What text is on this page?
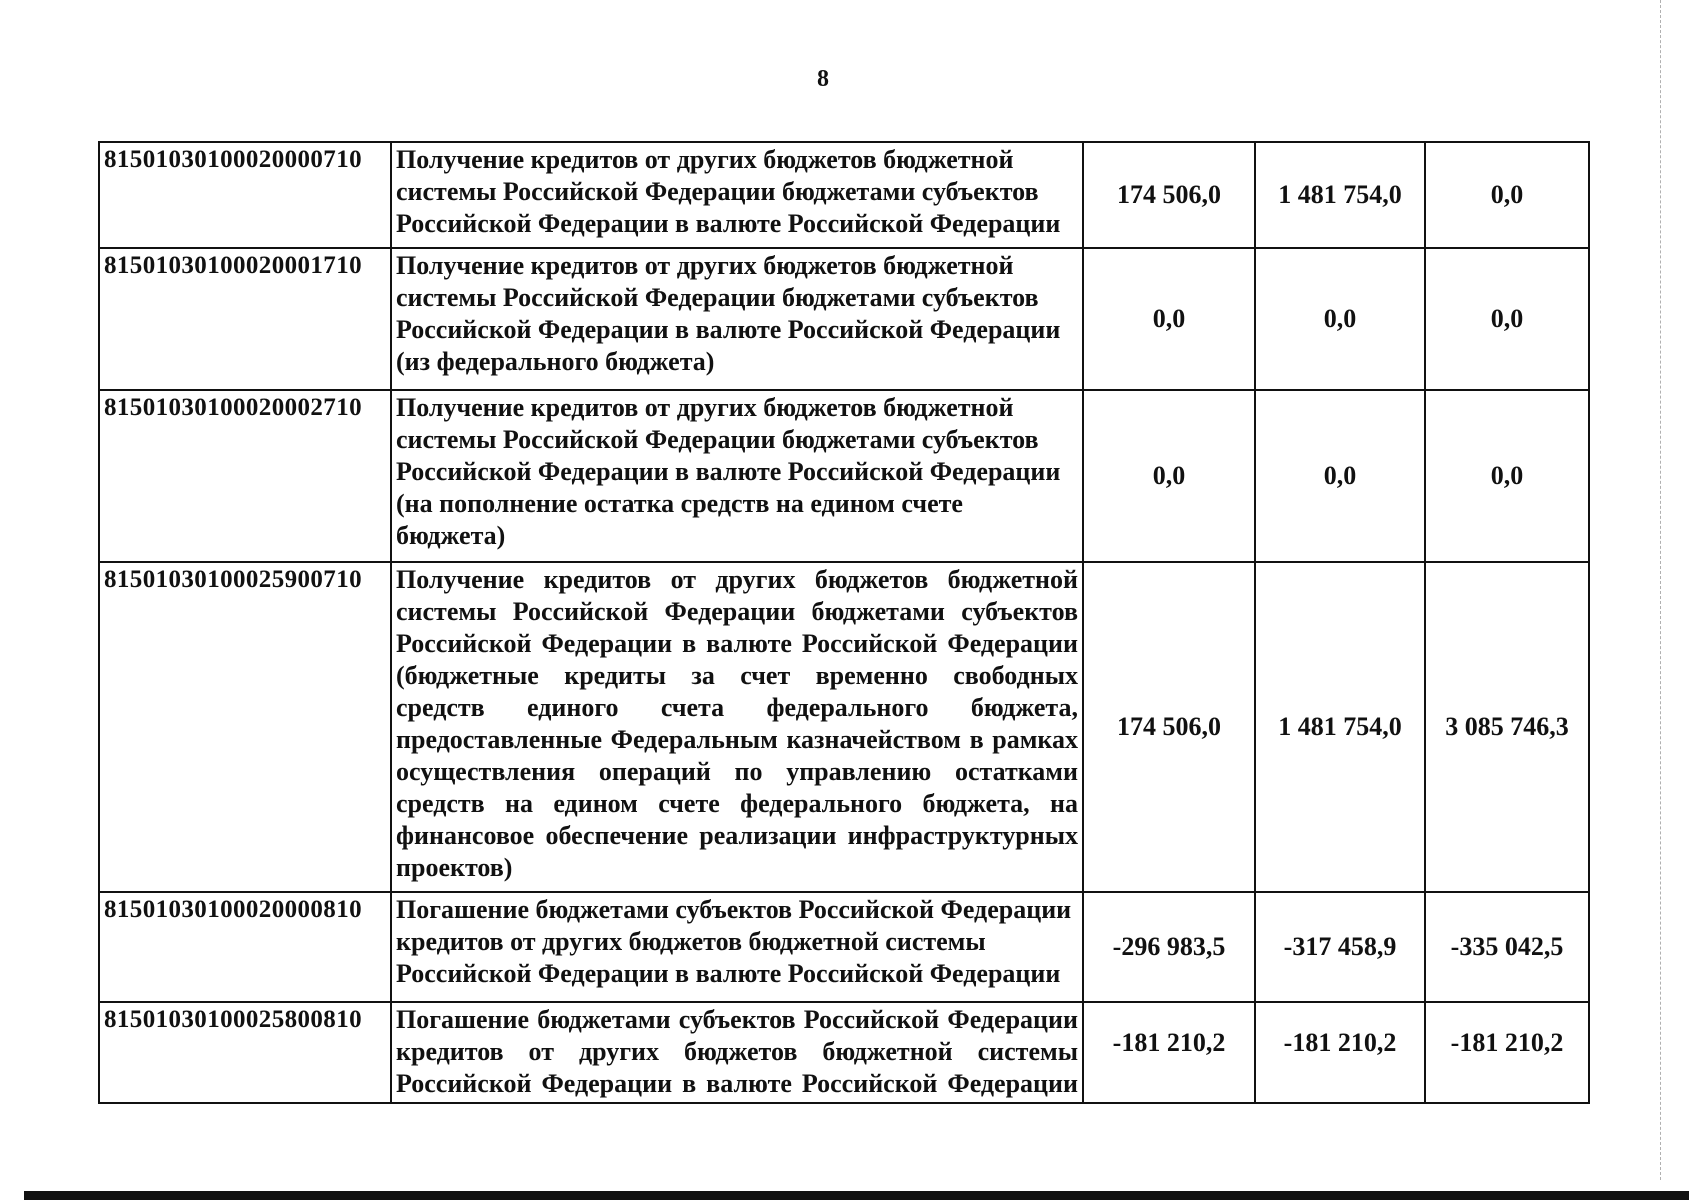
8
81501030100020000710	Получение кредитов от других бюджетов бюджетной системы Российской Федерации бюджетами субъектов Российской Федерации в валюте Российской Федерации	174 506,0	1 481 754,0	0,0
81501030100020001710	Получение кредитов от других бюджетов бюджетной системы Российской Федерации бюджетами субъектов Российской Федерации в валюте Российской Федерации (из федерального бюджета)	0,0	0,0	0,0
81501030100020002710	Получение кредитов от других бюджетов бюджетной системы Российской Федерации бюджетами субъектов Российской Федерации в валюте Российской Федерации (на пополнение остатка средств на едином счете бюджета)	0,0	0,0	0,0
81501030100025900710	Получение кредитов от других бюджетов бюджетной системы Российской Федерации бюджетами субъектов Российской Федерации в валюте Российской Федерации (бюджетные кредиты за счет временно свободных средств единого счета федерального бюджета, предоставленные Федеральным казначейством в рамках осуществления операций по управлению остатками средств на едином счете федерального бюджета, на финансовое обеспечение реализации инфраструктурных проектов)	174 506,0	1 481 754,0	3 085 746,3
81501030100020000810	Погашение бюджетами субъектов Российской Федерации кредитов от других бюджетов бюджетной системы Российской Федерации в валюте Российской Федерации	-296 983,5	-317 458,9	-335 042,5
81501030100025800810	Погашение бюджетами субъектов Российской Федерации кредитов от других бюджетов бюджетной системы Российской Федерации в валюте Российской Федерации	-181 210,2	-181 210,2	-181 210,2
